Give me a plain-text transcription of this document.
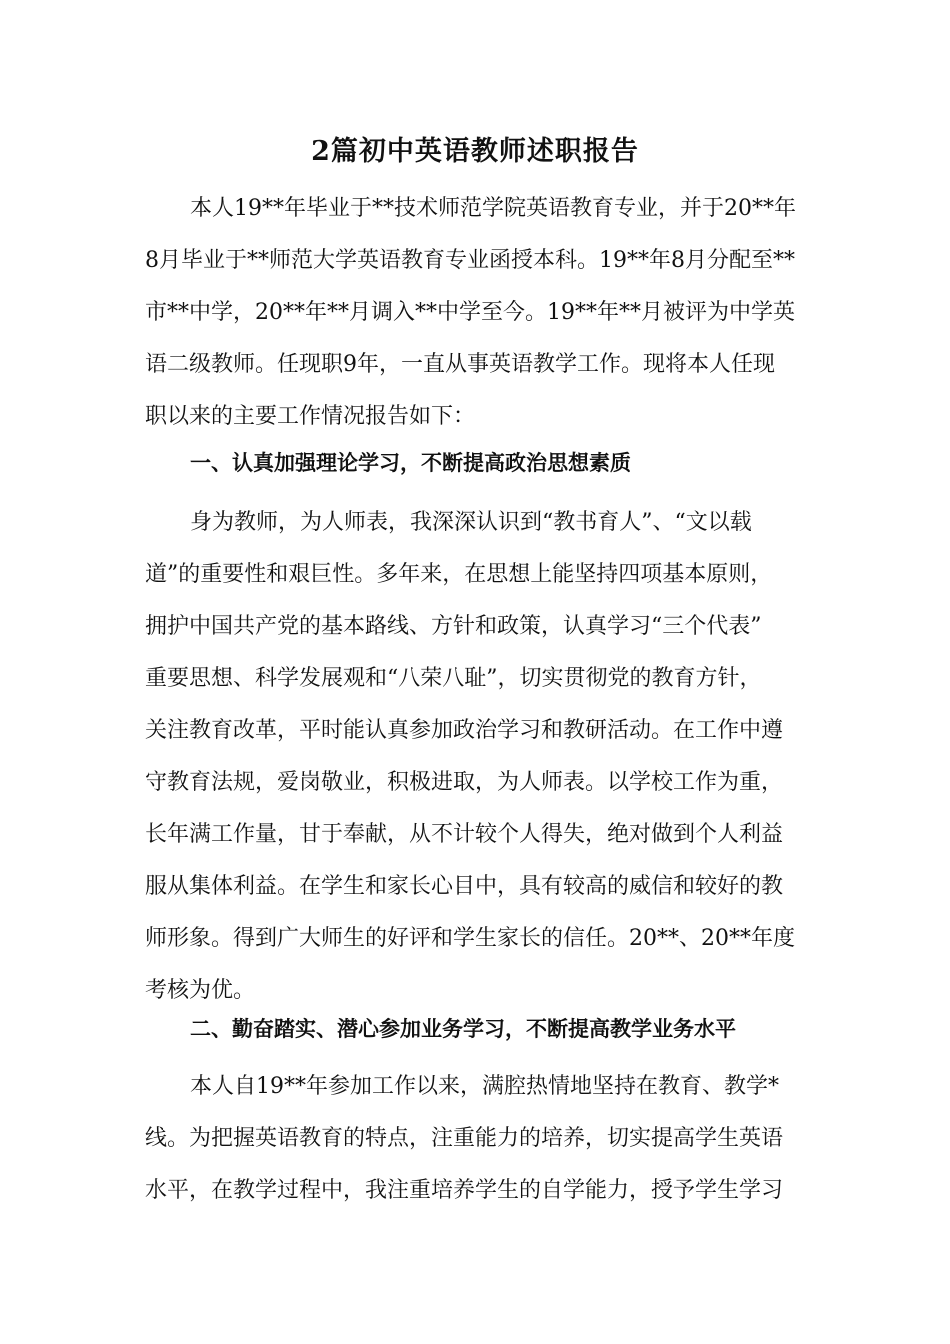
2篇初中英语教师述职报告
本人19**年毕业于**技术师范学院英语教育专业，并于20**年
8月毕业于**师范大学英语教育专业函授本科。19**年8月分配至**
市**中学，20**年**月调入**中学至今。19**年**月被评为中学英
语二级教师。任现职9年，一直从事英语教学工作。现将本人任现
职以来的主要工作情况报告如下：
一、认真加强理论学习，不断提高政治思想素质
身为教师，为人师表，我深深认识到“教书育人”、“文以载
道”的重要性和艰巨性。多年来，在思想上能坚持四项基本原则，
拥护中国共产党的基本路线、方针和政策，认真学习“三个代表”
重要思想、科学发展观和“八荣八耻”，切实贯彻党的教育方针，
关注教育改革，平时能认真参加政治学习和教研活动。在工作中遵
守教育法规，爱岗敬业，积极进取，为人师表。以学校工作为重，
长年满工作量，甘于奉献，从不计较个人得失，绝对做到个人利益
服从集体利益。在学生和家长心目中，具有较高的威信和较好的教
师形象。得到广大师生的好评和学生家长的信任。20**、20**年度
考核为优。
二、勤奋踏实、潜心参加业务学习，不断提高教学业务水平
本人自19**年参加工作以来，满腔热情地坚持在教育、教学*
线。为把握英语教育的特点，注重能力的培养，切实提高学生英语
水平，在教学过程中，我注重培养学生的自学能力，授予学生学习
